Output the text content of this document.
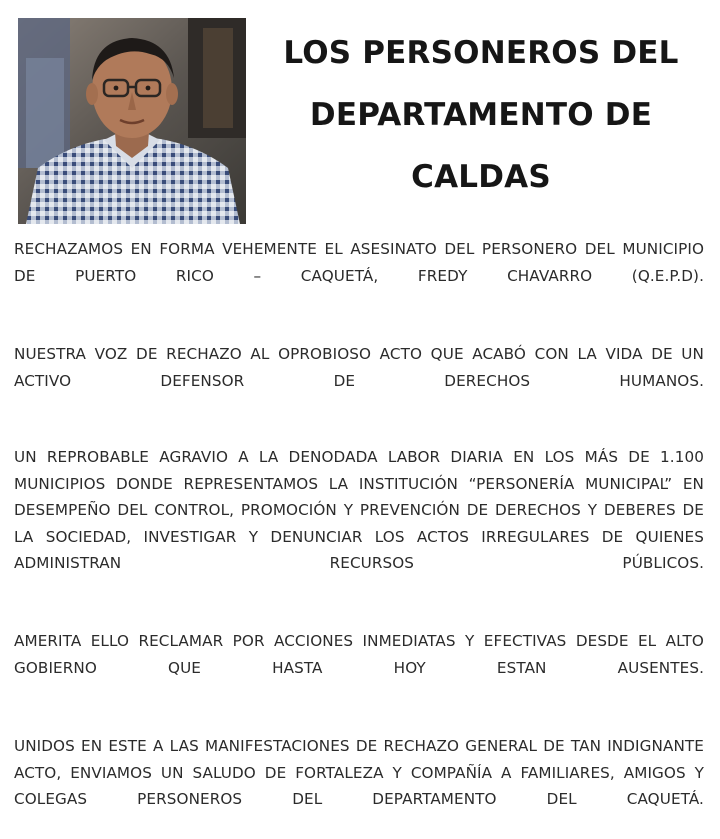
LOS PERSONEROS DEL DEPARTAMENTO DE CALDAS

RECHAZAMOS EN FORMA VEHEMENTE EL ASESINATO DEL PERSONERO DEL MUNICIPIO DE PUERTO RICO – CAQUETÁ, FREDY CHAVARRO (Q.E.P.D).

NUESTRA VOZ DE RECHAZO AL OPROBIOSO ACTO QUE ACABÓ CON LA VIDA DE UN ACTIVO DEFENSOR DE DERECHOS HUMANOS.

UN REPROBABLE AGRAVIO A LA DENODADA LABOR DIARIA EN LOS MÁS DE 1.100 MUNICIPIOS DONDE REPRESENTAMOS LA INSTITUCIÓN “PERSONERÍA MUNICIPAL” EN DESEMPEÑO DEL CONTROL, PROMOCIÓN Y PREVENCIÓN DE DERECHOS Y DEBERES DE LA SOCIEDAD, INVESTIGAR Y DENUNCIAR LOS ACTOS IRREGULARES DE QUIENES ADMINISTRAN RECURSOS PÚBLICOS.

AMERITA ELLO RECLAMAR POR ACCIONES INMEDIATAS Y EFECTIVAS DESDE EL ALTO GOBIERNO QUE HASTA HOY ESTAN AUSENTES.

UNIDOS EN ESTE A LAS MANIFESTACIONES DE RECHAZO GENERAL DE TAN INDIGNANTE ACTO, ENVIAMOS UN SALUDO DE FORTALEZA Y COMPAÑÍA A FAMILIARES, AMIGOS Y COLEGAS PERSONEROS DEL DEPARTAMENTO DEL CAQUETÁ.
